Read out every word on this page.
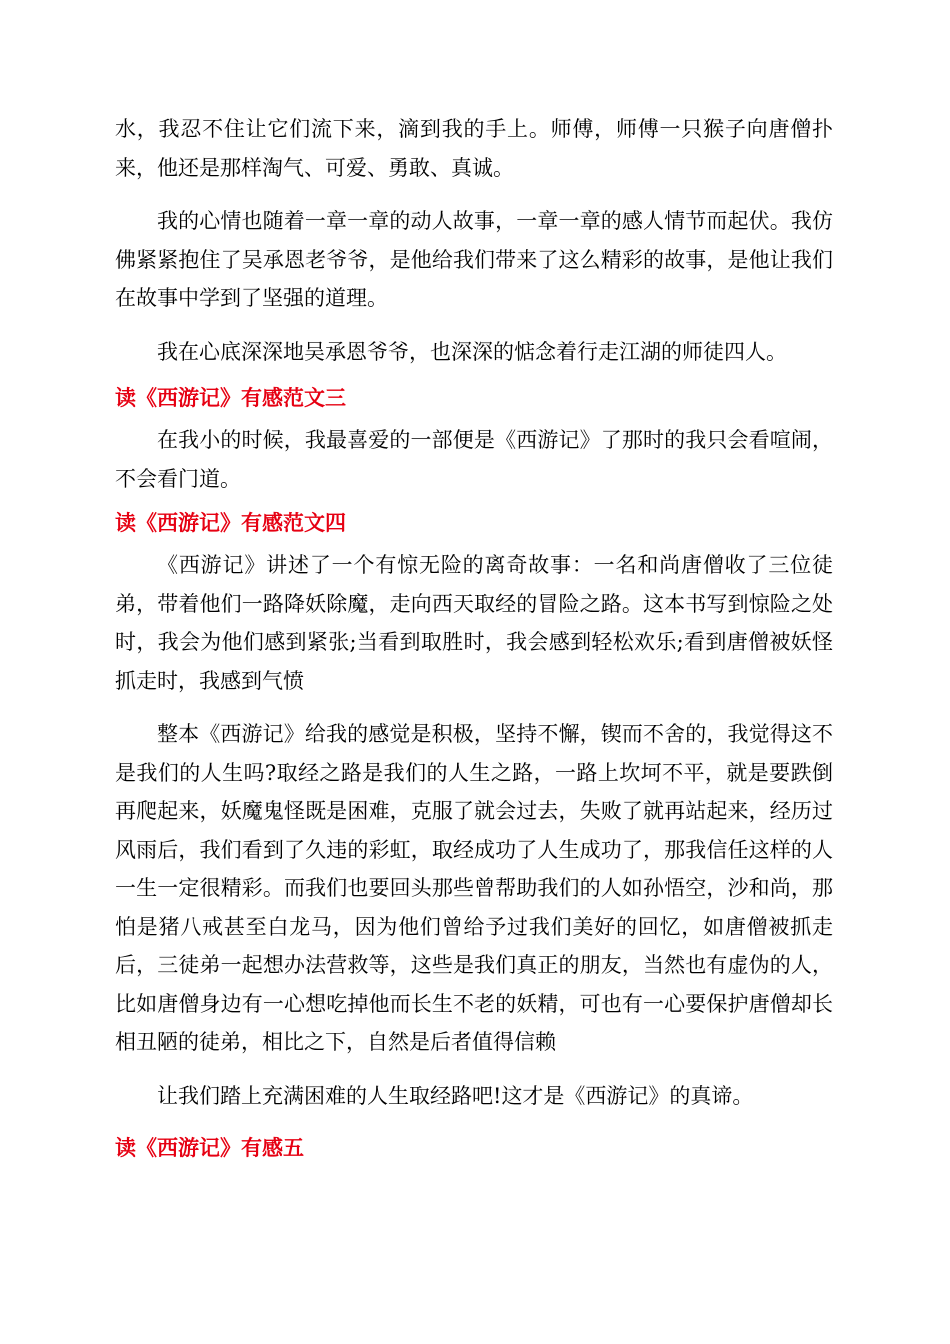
水，我忍不住让它们流下来，滴到我的手上。师傅，师傅一只猴子向唐僧扑来，他还是那样淘气、可爱、勇敢、真诚。

我的心情也随着一章一章的动人故事，一章一章的感人情节而起伏。我仿佛紧紧抱住了吴承恩老爷爷，是他给我们带来了这么精彩的故事，是他让我们在故事中学到了坚强的道理。

我在心底深深地吴承恩爷爷，也深深的惦念着行走江湖的师徒四人。

读《西游记》有感范文三

在我小的时候，我最喜爱的一部便是《西游记》了那时的我只会看喧闹，不会看门道。

读《西游记》有感范文四

《西游记》讲述了一个有惊无险的离奇故事：一名和尚唐僧收了三位徒弟，带着他们一路降妖除魔，走向西天取经的冒险之路。这本书写到惊险之处时，我会为他们感到紧张;当看到取胜时，我会感到轻松欢乐;看到唐僧被妖怪抓走时，我感到气愤

整本《西游记》给我的感觉是积极，坚持不懈，锲而不舍的，我觉得这不是我们的人生吗?取经之路是我们的人生之路，一路上坎坷不平，就是要跌倒再爬起来，妖魔鬼怪既是困难，克服了就会过去，失败了就再站起来，经历过风雨后，我们看到了久违的彩虹，取经成功了人生成功了，那我信任这样的人一生一定很精彩。而我们也要回头那些曾帮助我们的人如孙悟空，沙和尚，那怕是猪八戒甚至白龙马，因为他们曾给予过我们美好的回忆，如唐僧被抓走后，三徒弟一起想办法营救等，这些是我们真正的朋友，当然也有虚伪的人，比如唐僧身边有一心想吃掉他而长生不老的妖精，可也有一心要保护唐僧却长相丑陋的徒弟，相比之下，自然是后者值得信赖

让我们踏上充满困难的人生取经路吧!这才是《西游记》的真谛。

读《西游记》有感五
